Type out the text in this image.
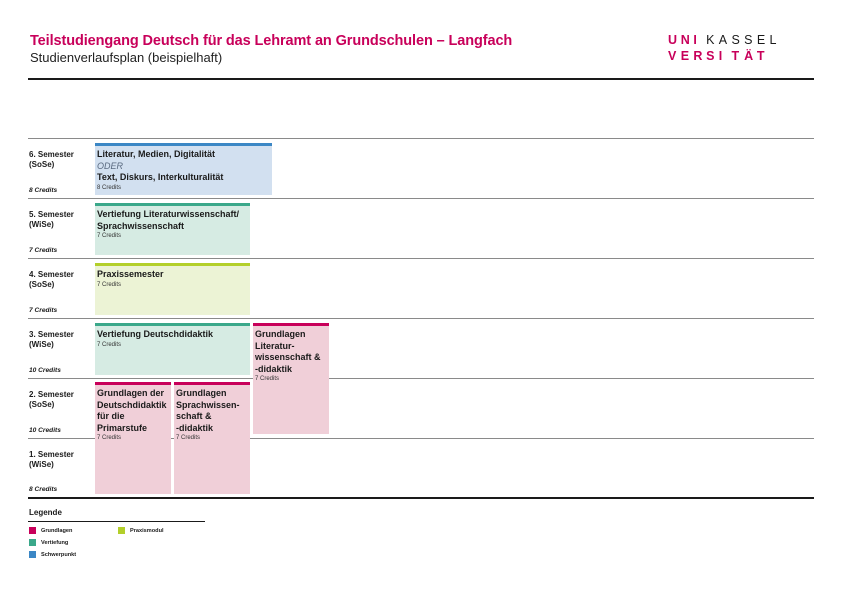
Teilstudiengang Deutsch für das Lehramt an Grundschulen – Langfach
Studienverlaufsplan (beispielhaft)
U N I K A S S E L
V E R S I T Ä T
6. Semester
(SoSe)
8 Credits
5. Semester
(WiSe)
7 Credits
4. Semester
(SoSe)
7 Credits
3. Semester
(WiSe)
10 Credits
2. Semester
(SoSe)
10 Credits
1. Semester
(WiSe)
8 Credits
Literatur, Medien, Digitalität
ODER
Text, Diskurs, Interkulturalität
8 Credits
Vertiefung Literaturwissenschaft/
Sprachwissenschaft
7 Credits
Praxissemester
7 Credits
Vertiefung Deutschdidaktik
7 Credits
Grundlagen
Literatur-
wissenschaft &
-didaktik
7 Credits
Grundlagen der
Deutschdidaktik
für die
Primarstufe
7 Credits
Grundlagen
Sprachwissen-
schaft &
-didaktik
7 Credits
Legende
Grundlagen
Vertiefung
Schwerpunkt
Praxismodul
